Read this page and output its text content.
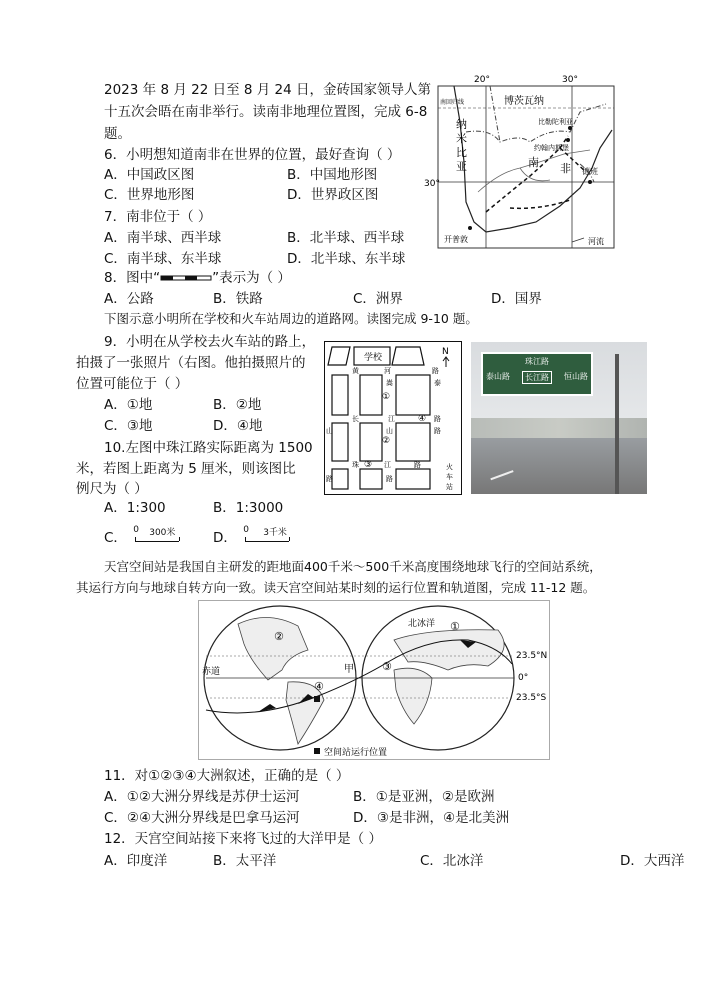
2023 年 8 月 22 日至 8 月 24 日，金砖国家领导人第
十五次会晤在南非举行。读南非地理位置图，完成 6-8
题。
6．小明想知道南非在世界的位置，最好查询（ ）
A．中国政区图	B．中国地形图
C．世界地形图	D．世界政区图
7．南非位于（ ）
A．南半球、西半球	B．北半球、西半球
C．南半球、东半球	D．北半球、东半球
8．图中“	”表示为（ ）
A．公路	B．铁路	C．洲界	D．国界
20°	30°
南回归线
30°
纳
米
比
亚
博茨瓦纳
比勒陀利亚
约翰内斯堡
南 非 德班
开普敦	河流
下图示意小明所在学校和火车站周边的道路网。读图完成 9-10 题。
9．小明在从学校去火车站的路上，
拍摄了一张照片（右图。他拍摄照片的
位置可能位于（ ）
A．①地	B．②地
C．③地	D．④地
10.左图中珠江路实际距离为 1500
米，若图上距离为 5 厘米，则该图比
例尺为（ ）
A．1:300	B．1:3000
C． 0 300米	D． 0 3千米
学校
N
黄	河	路
长	江	路
珠	江	路
嵩
山
路
山
路
泰
路
①
②
③
④
火
车
站
珠江路
泰山路	长江路	恒山路
天宫空间站是我国自主研发的距地面400千米～500千米高度围绕地球飞行的空间站系统，
其运行方向与地球自转方向一致。读天宫空间站某时刻的运行位置和轨道图，完成 11-12 题。
赤道
23.5°N
0°
23.5°S
北冰洋
甲
①
②
③
④
空间站运行位置
11．对①②③④大洲叙述，正确的是（ ）
A．①②大洲分界线是苏伊士运河	B．①是亚洲，②是欧洲
C．②④大洲分界线是巴拿马运河	D．③是非洲，④是北美洲
12．天宫空间站接下来将飞过的大洋甲是（ ）
A．印度洋	B．太平洋	C．北冰洋	D．大西洋
